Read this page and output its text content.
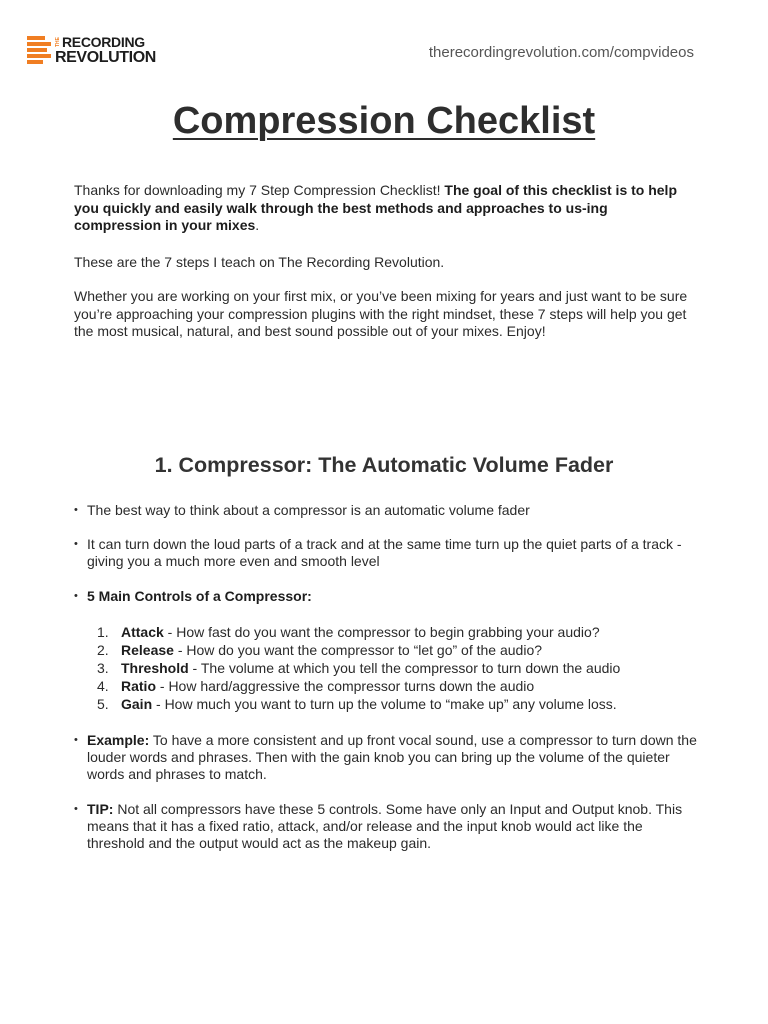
THE RECORDING
REVOLUTION	therecordingrevolution.com/compvideos
Compression Checklist

Thanks for downloading my 7 Step Compression Checklist! The goal of this checklist is to help you quickly and easily walk through the best methods and approaches to us-ing compression in your mixes.

These are the 7 steps I teach on The Recording Revolution.

Whether you are working on your first mix, or you’ve been mixing for years and just want to be sure you’re approaching your compression plugins with the right mindset, these 7 steps will help you get the most musical, natural, and best sound possible out of your mixes. Enjoy!

1. Compressor: The Automatic Volume Fader
• The best way to think about a compressor is an automatic volume fader
• It can turn down the loud parts of a track and at the same time turn up the quiet parts of a track - giving you a much more even and smooth level
• 5 Main Controls of a Compressor:
1. Attack - How fast do you want the compressor to begin grabbing your audio?
2. Release - How do you want the compressor to “let go” of the audio?
3. Threshold - The volume at which you tell the compressor to turn down the audio
4. Ratio - How hard/aggressive the compressor turns down the audio
5. Gain - How much you want to turn up the volume to “make up” any volume loss.
• Example: To have a more consistent and up front vocal sound, use a compressor to turn down the louder words and phrases. Then with the gain knob you can bring up the volume of the quieter words and phrases to match.
• TIP: Not all compressors have these 5 controls. Some have only an Input and Output knob. This means that it has a fixed ratio, attack, and/or release and the input knob would act like the threshold and the output would act as the makeup gain.
